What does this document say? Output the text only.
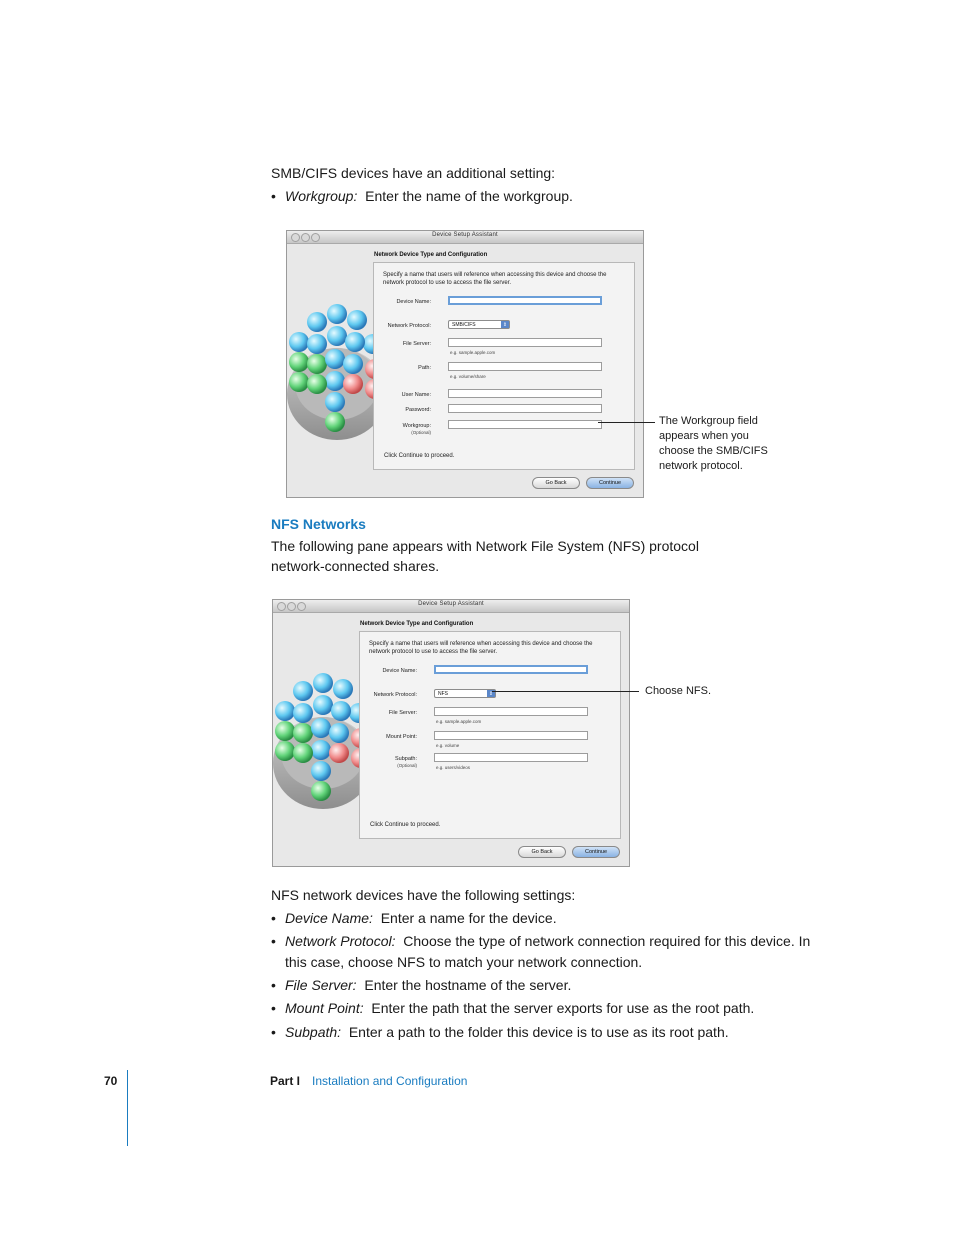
SMB/CIFS devices have an additional setting:
• Workgroup: Enter the name of the workgroup.
Device Setup Assistant
Network Device Type and Configuration
Specify a name that users will reference when accessing this device and choose the network protocol to use to access the file server.
Device Name:
Network Protocol:	SMB/CIFS	⇕
File Server:
e.g. sample.apple.com
Path:
e.g. volume/share
User Name:
Password:
Workgroup:
(Optional)
Click Continue to proceed.
Go Back	Continue
The Workgroup field appears when you choose the SMB/CIFS network protocol.
NFS Networks
The following pane appears with Network File System (NFS) protocol network-connected shares.
Device Setup Assistant
Network Device Type and Configuration
Specify a name that users will reference when accessing this device and choose the network protocol to use to access the file server.
Device Name:
Network Protocol:	NFS	⇕
File Server:
e.g. sample.apple.com
Mount Point:
e.g. volume
Subpath:
(Optional)	e.g. users/videos
Click Continue to proceed.
Go Back	Continue
Choose NFS.
NFS network devices have the following settings:
• Device Name: Enter a name for the device.
• Network Protocol: Choose the type of network connection required for this device. In this case, choose NFS to match your network connection.
• File Server: Enter the hostname of the server.
• Mount Point: Enter the path that the server exports for use as the root path.
• Subpath: Enter a path to the folder this device is to use as its root path.
70	Part I Installation and Configuration
